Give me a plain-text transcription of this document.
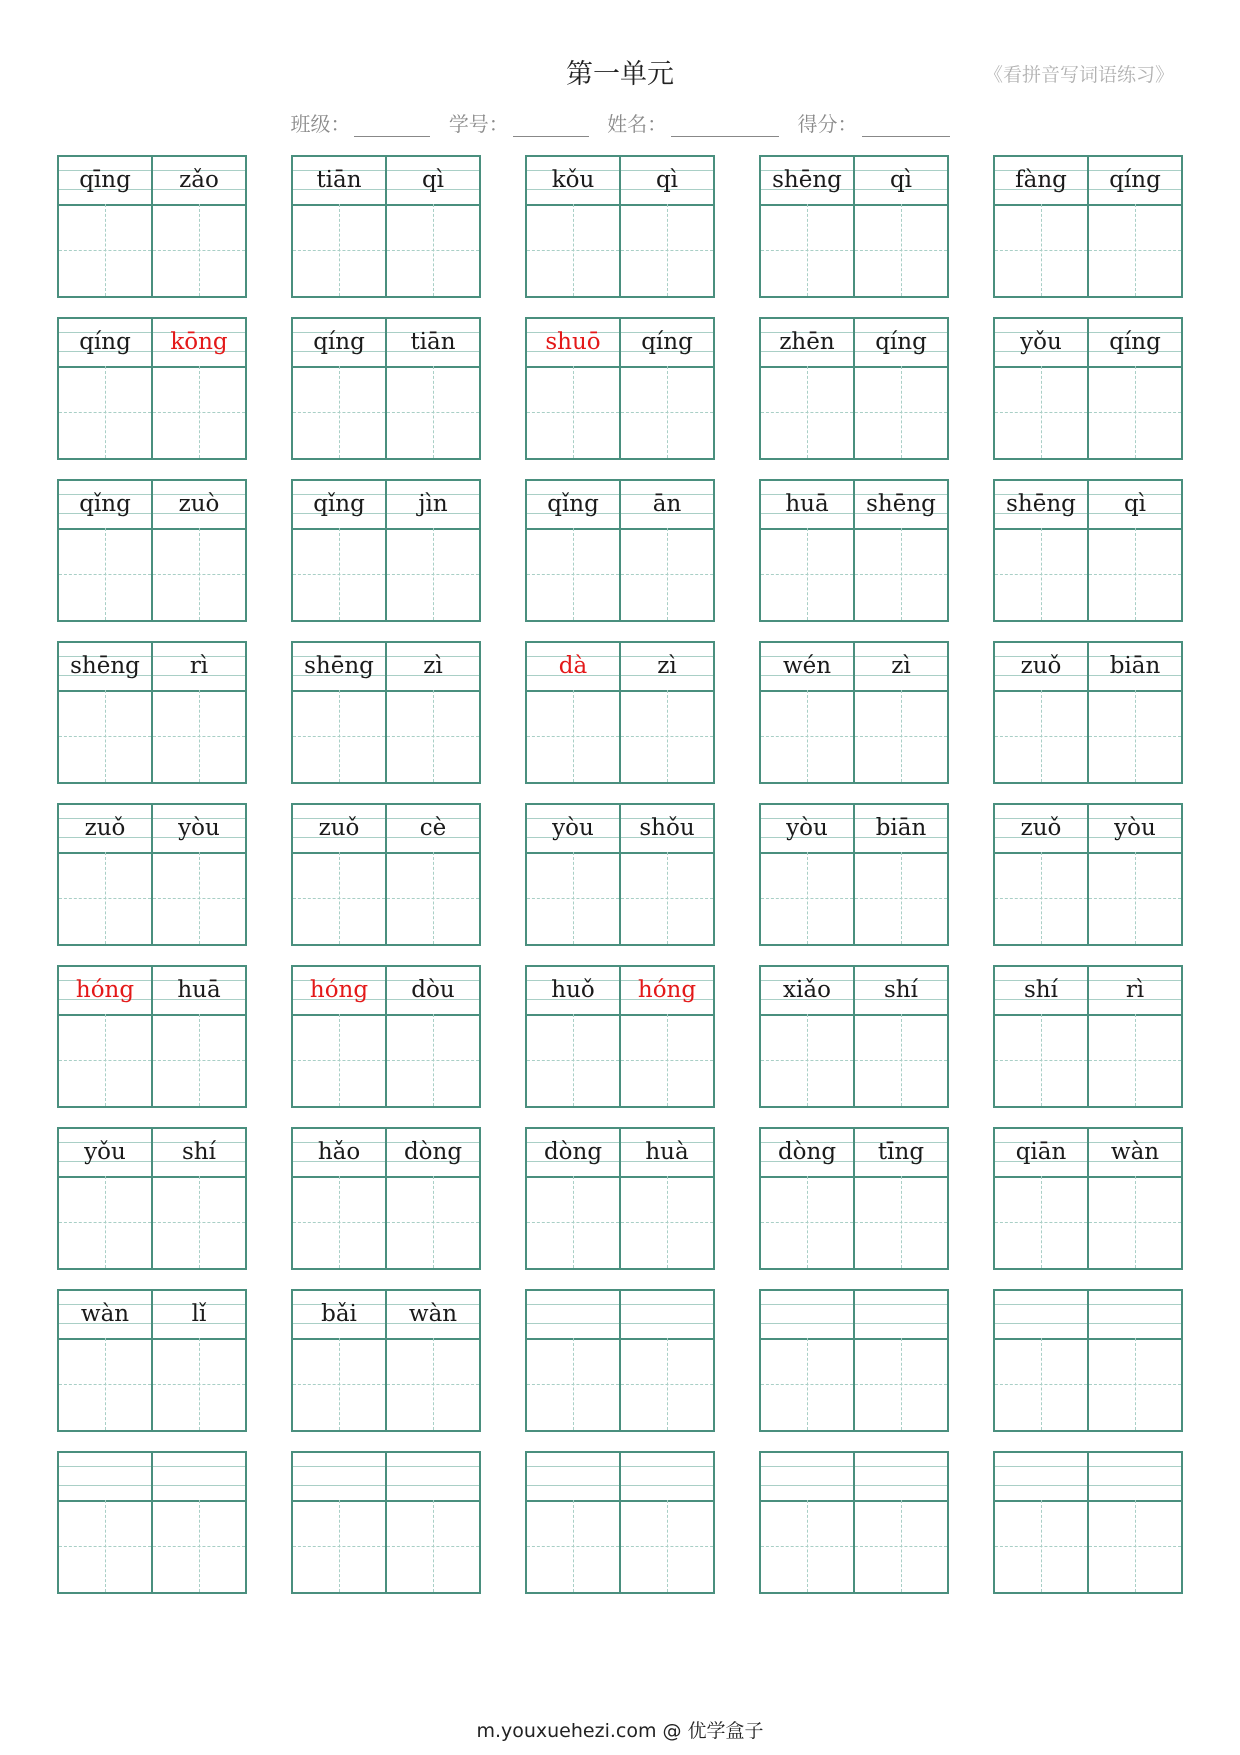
第一单元	《看拼音写词语练习》
班级：	学号：	姓名：	得分：
qīng	zǎo	tiān	qì	kǒu	qì	shēng	qì	fàng	qíng
qíng	kōng	qíng	tiān	shuō	qíng	zhēn	qíng	yǒu	qíng
qǐng	zuò	qǐng	jìn	qǐng	ān	huā	shēng	shēng	qì
shēng	rì	shēng	zì	dà	zì	wén	zì	zuǒ	biān
zuǒ	yòu	zuǒ	cè	yòu	shǒu	yòu	biān	zuǒ	yòu
hóng	huā	hóng	dòu	huǒ	hóng	xiǎo	shí	shí	rì
yǒu	shí	hǎo	dòng	dòng	huà	dòng	tīng	qiān	wàn
wàn	lǐ	bǎi	wàn
m.youxuehezi.com @ 优学盒子
